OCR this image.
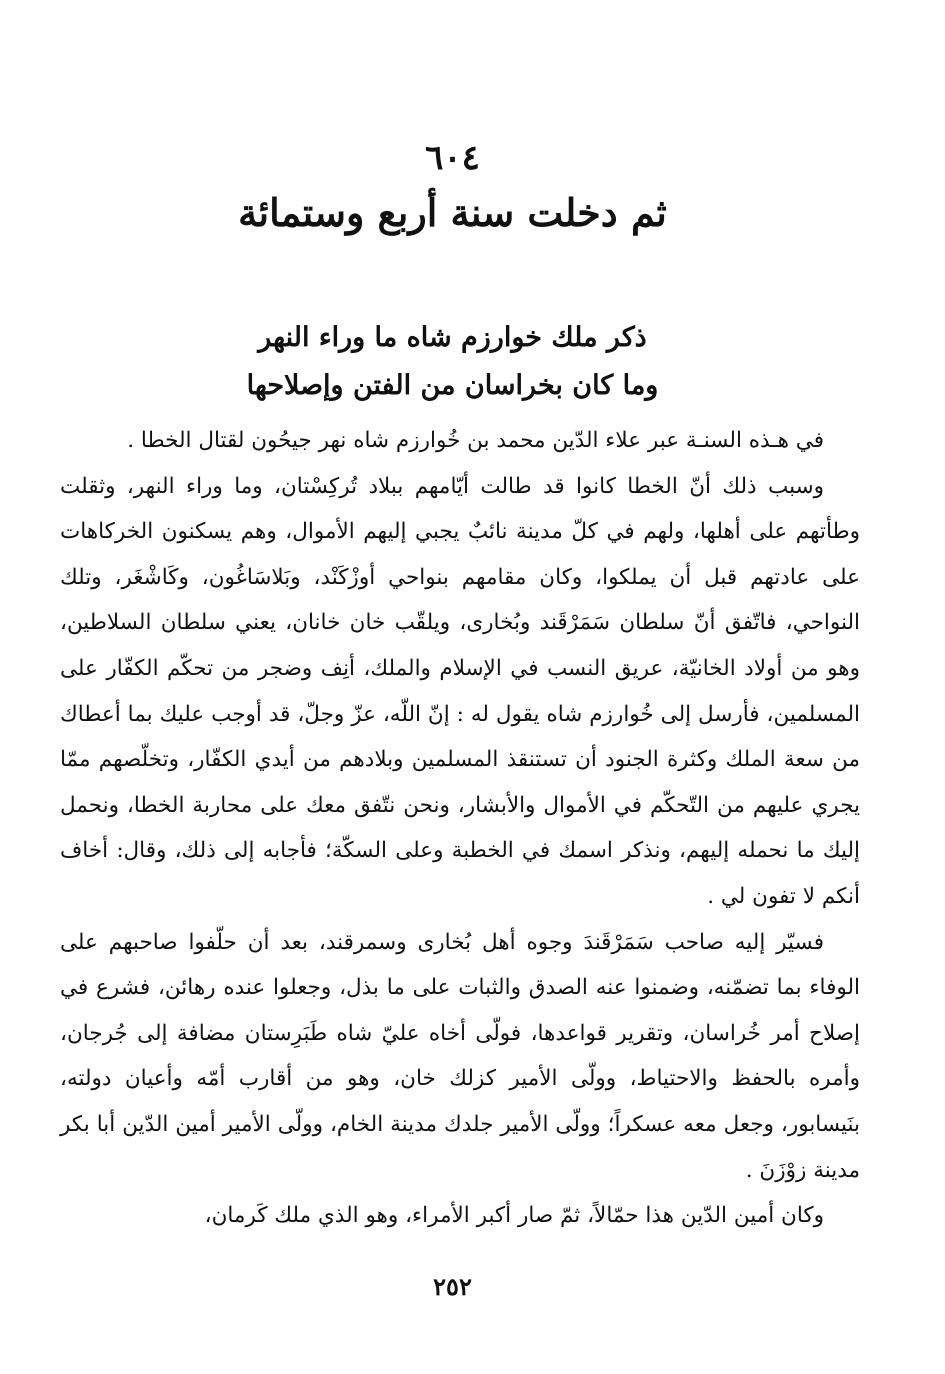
٦٠٤
ثم دخلت سنة أربع وستمائة
ذكر ملك خوارزم شاه ما وراء النهر
وما كان بخراسان من الفتن وإصلاحها

في هـذه السنـة عبر علاء الدّين محمد بن خُوارزم شاه نهر جيحُون لقتال الخطا .

وسبب ذلك أنّ الخطا كانوا قد طالت أيّامهم ببلاد تُركِسْتان، وما وراء النهر، وثقلت وطأتهم على أهلها، ولهم في كلّ مدينة نائبٌ يجبي إليهم الأموال، وهم يسكنون الخركاهات على عادتهم قبل أن يملكوا، وكان مقامهم بنواحي أوزْكَنْد، وبَلاسَاغُون، وكَاشْغَر، وتلك النواحي، فاتّفق أنّ سلطان سَمَرْقَند وبُخارى، ويلقّب خان خانان، يعني سلطان السلاطين، وهو من أولاد الخانيّة، عريق النسب في الإسلام والملك، أنِف وضجر من تحكّم الكفّار على المسلمين، فأرسل إلى خُوارزم شاه يقول له : إنّ اللّه، عزّ وجلّ، قد أوجب عليك بما أعطاك من سعة الملك وكثرة الجنود أن تستنقذ المسلمين وبلادهم من أيدي الكفّار، وتخلّصهم ممّا يجري عليهم من التّحكّم في الأموال والأبشار، ونحن نتّفق معك على محاربة الخطا، ونحمل إليك ما نحمله إليهم، ونذكر اسمك في الخطبة وعلى السكّة؛ فأجابه إلى ذلك، وقال: أخاف أنكم لا تفون لي .

فسيّر إليه صاحب سَمَرْقَندَ وجوه أهل بُخارى وسمرقند، بعد أن حلّفوا صاحبهم على الوفاء بما تضمّنه، وضمنوا عنه الصدق والثبات على ما بذل، وجعلوا عنده رهائن، فشرع في إصلاح أمر خُراسان، وتقرير قواعدها، فولّى أخاه عليّ شاه طَبَرِستان مضافة إلى جُرجان، وأمره بالحفظ والاحتياط، وولّى الأمير كزلك خان، وهو من أقارب أمّه وأعيان دولته، بنَيسابور، وجعل معه عسكراً؛ وولّى الأمير جلدك مدينة الخام، وولّى الأمير أمين الدّين أبا بكر مدينة زوْزَنَ .

وكان أمين الدّين هذا حمّالاً، ثمّ صار أكبر الأمراء، وهو الذي ملك كَرمان،

٢٥٢
